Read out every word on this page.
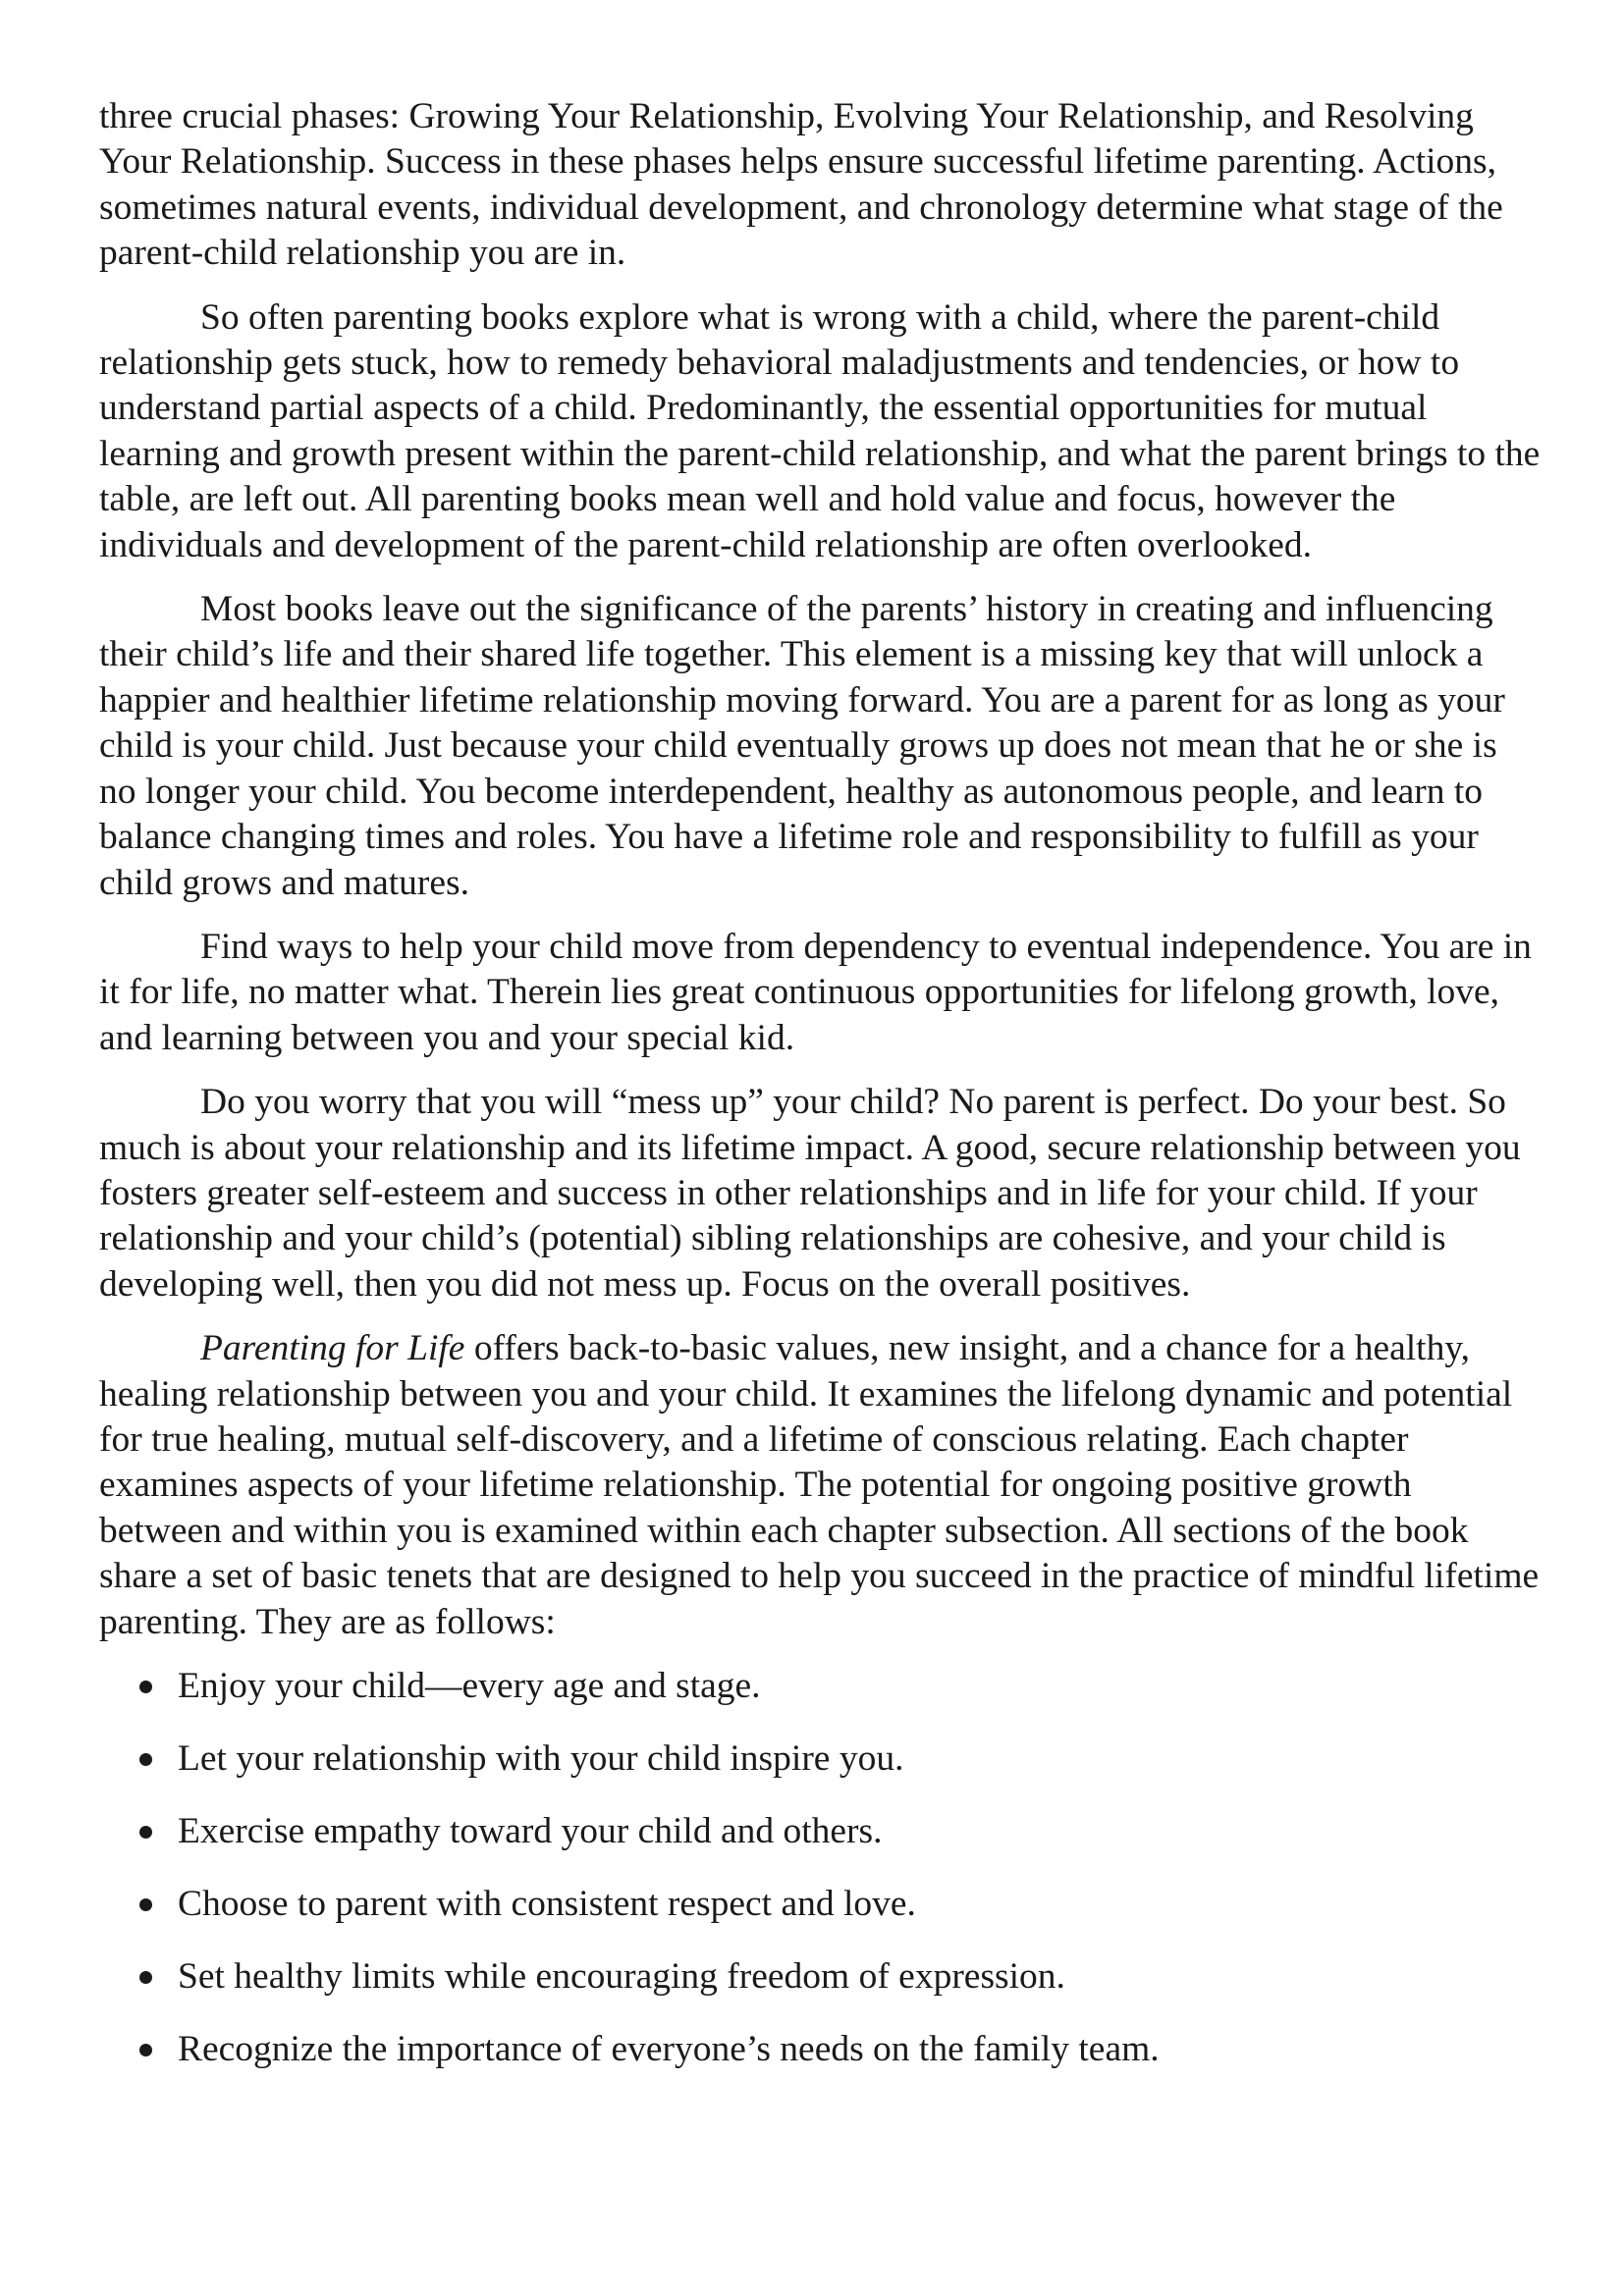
three crucial phases: Growing Your Relationship, Evolving Your Relationship, and Resolving Your Relationship. Success in these phases helps ensure successful lifetime parenting. Actions, sometimes natural events, individual development, and chronology determine what stage of the parent-child relationship you are in.

So often parenting books explore what is wrong with a child, where the parent-child relationship gets stuck, how to remedy behavioral maladjustments and tendencies, or how to understand partial aspects of a child. Predominantly, the essential opportunities for mutual learning and growth present within the parent-child relationship, and what the parent brings to the table, are left out. All parenting books mean well and hold value and focus, however the individuals and development of the parent-child relationship are often overlooked.

Most books leave out the significance of the parents’ history in creating and influencing their child’s life and their shared life together. This element is a missing key that will unlock a happier and healthier lifetime relationship moving forward. You are a parent for as long as your child is your child. Just because your child eventually grows up does not mean that he or she is no longer your child. You become interdependent, healthy as autonomous people, and learn to balance changing times and roles. You have a lifetime role and responsibility to fulfill as your child grows and matures.

Find ways to help your child move from dependency to eventual independence. You are in it for life, no matter what. Therein lies great continuous opportunities for lifelong growth, love, and learning between you and your special kid.

Do you worry that you will “mess up” your child? No parent is perfect. Do your best. So much is about your relationship and its lifetime impact. A good, secure relationship between you fosters greater self-esteem and success in other relationships and in life for your child. If your relationship and your child’s (potential) sibling relationships are cohesive, and your child is developing well, then you did not mess up. Focus on the overall positives.

Parenting for Life offers back-to-basic values, new insight, and a chance for a healthy, healing relationship between you and your child. It examines the lifelong dynamic and potential for true healing, mutual self-discovery, and a lifetime of conscious relating. Each chapter examines aspects of your lifetime relationship. The potential for ongoing positive growth between and within you is examined within each chapter subsection. All sections of the book share a set of basic tenets that are designed to help you succeed in the practice of mindful lifetime parenting. They are as follows:

Enjoy your child—every age and stage.
Let your relationship with your child inspire you.
Exercise empathy toward your child and others.
Choose to parent with consistent respect and love.
Set healthy limits while encouraging freedom of expression.
Recognize the importance of everyone’s needs on the family team.
